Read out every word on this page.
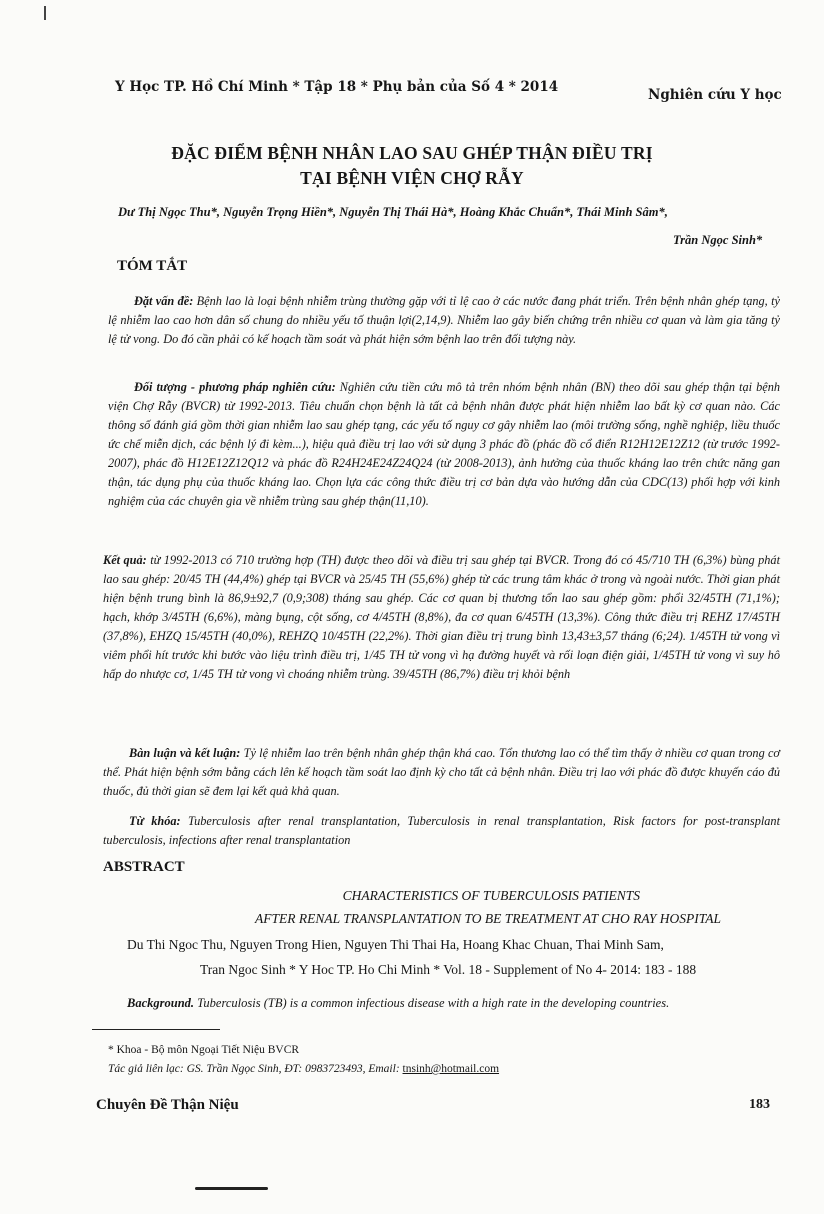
Y Học TP. Hồ Chí Minh * Tập 18 * Phụ bản của Số 4 * 2014	Nghiên cứu Y học
ĐẶC ĐIỂM BỆNH NHÂN LAO SAU GHÉP THẬN ĐIỀU TRỊ
TẠI BỆNH VIỆN CHỢ RẪY
Dư Thị Ngọc Thu*, Nguyễn Trọng Hiền*, Nguyễn Thị Thái Hà*, Hoàng Khắc Chuẩn*, Thái Minh Sâm*,
Trần Ngọc Sinh*
TÓM TẮT
Đặt vấn đề: Bệnh lao là loại bệnh nhiễm trùng thường gặp với tỉ lệ cao ở các nước đang phát triển. Trên bệnh nhân ghép tạng, tỷ lệ nhiễm lao cao hơn dân số chung do nhiều yếu tố thuận lợi(2,14,9). Nhiễm lao gây biến chứng trên nhiều cơ quan và làm gia tăng tỷ lệ tử vong. Do đó cần phải có kế hoạch tầm soát và phát hiện sớm bệnh lao trên đối tượng này.
Đối tượng - phương pháp nghiên cứu: Nghiên cứu tiền cứu mô tả trên nhóm bệnh nhân (BN) theo dõi sau ghép thận tại bệnh viện Chợ Rẫy (BVCR) từ 1992-2013. Tiêu chuẩn chọn bệnh là tất cả bệnh nhân được phát hiện nhiễm lao bất kỳ cơ quan nào. Các thông số đánh giá gồm thời gian nhiễm lao sau ghép tạng, các yếu tố nguy cơ gây nhiễm lao (môi trường sống, nghề nghiệp, liều thuốc ức chế miễn dịch, các bệnh lý đi kèm...), hiệu quả điều trị lao với sử dụng 3 phác đồ (phác đồ cổ điển R12H12E12Z12 (từ trước 1992-2007), phác đồ H12E12Z12Q12 và phác đồ R24H24E24Z24Q24 (từ 2008-2013), ảnh hưởng của thuốc kháng lao trên chức năng gan thận, tác dụng phụ của thuốc kháng lao. Chọn lựa các công thức điều trị cơ bản dựa vào hướng dẫn của CDC(13) phối hợp với kinh nghiệm của các chuyên gia về nhiễm trùng sau ghép thận(11,10).
Kết quả: từ 1992-2013 có 710 trường hợp (TH) được theo dõi và điều trị sau ghép tại BVCR. Trong đó có 45/710 TH (6,3%) bùng phát lao sau ghép: 20/45 TH (44,4%) ghép tại BVCR và 25/45 TH (55,6%) ghép từ các trung tâm khác ở trong và ngoài nước. Thời gian phát hiện bệnh trung bình là 86,9±92,7 (0,9;308) tháng sau ghép. Các cơ quan bị thương tổn lao sau ghép gồm: phổi 32/45TH (71,1%); hạch, khớp 3/45TH (6,6%), màng bụng, cột sống, cơ 4/45TH (8,8%), đa cơ quan 6/45TH (13,3%). Công thức điều trị REHZ 17/45TH (37,8%), EHZQ 15/45TH (40,0%), REHZQ 10/45TH (22,2%). Thời gian điều trị trung bình 13,43±3,57 tháng (6;24). 1/45TH tử vong vì viêm phổi hít trước khi bước vào liệu trình điều trị, 1/45 TH tử vong vì hạ đường huyết và rối loạn điện giải, 1/45TH tử vong vì suy hô hấp do nhược cơ, 1/45 TH tử vong vì choáng nhiễm trùng. 39/45TH (86,7%) điều trị khỏi bệnh
Bàn luận và kết luận: Tỷ lệ nhiễm lao trên bệnh nhân ghép thận khá cao. Tổn thương lao có thể tìm thấy ở nhiều cơ quan trong cơ thể. Phát hiện bệnh sớm bằng cách lên kế hoạch tầm soát lao định kỳ cho tất cả bệnh nhân. Điều trị lao với phác đồ được khuyến cáo đủ thuốc, đủ thời gian sẽ đem lại kết quả khả quan.
Từ khóa: Tuberculosis after renal transplantation, Tuberculosis in renal transplantation, Risk factors for post-transplant tuberculosis, infections after renal transplantation
ABSTRACT
CHARACTERISTICS OF TUBERCULOSIS PATIENTS
AFTER RENAL TRANSPLANTATION TO BE TREATMENT AT CHO RAY HOSPITAL
Du Thi Ngoc Thu, Nguyen Trong Hien, Nguyen Thi Thai Ha, Hoang Khac Chuan, Thai Minh Sam,
Tran Ngoc Sinh * Y Hoc TP. Ho Chi Minh * Vol. 18 - Supplement of No 4- 2014: 183 - 188
Background. Tuberculosis (TB) is a common infectious disease with a high rate in the developing countries.
* Khoa - Bộ môn Ngoại Tiết Niệu BVCR
Tác giả liên lạc: GS. Trần Ngọc Sinh, ĐT: 0983723493, Email: tnsinh@hotmail.com
Chuyên Đề Thận Niệu	183
